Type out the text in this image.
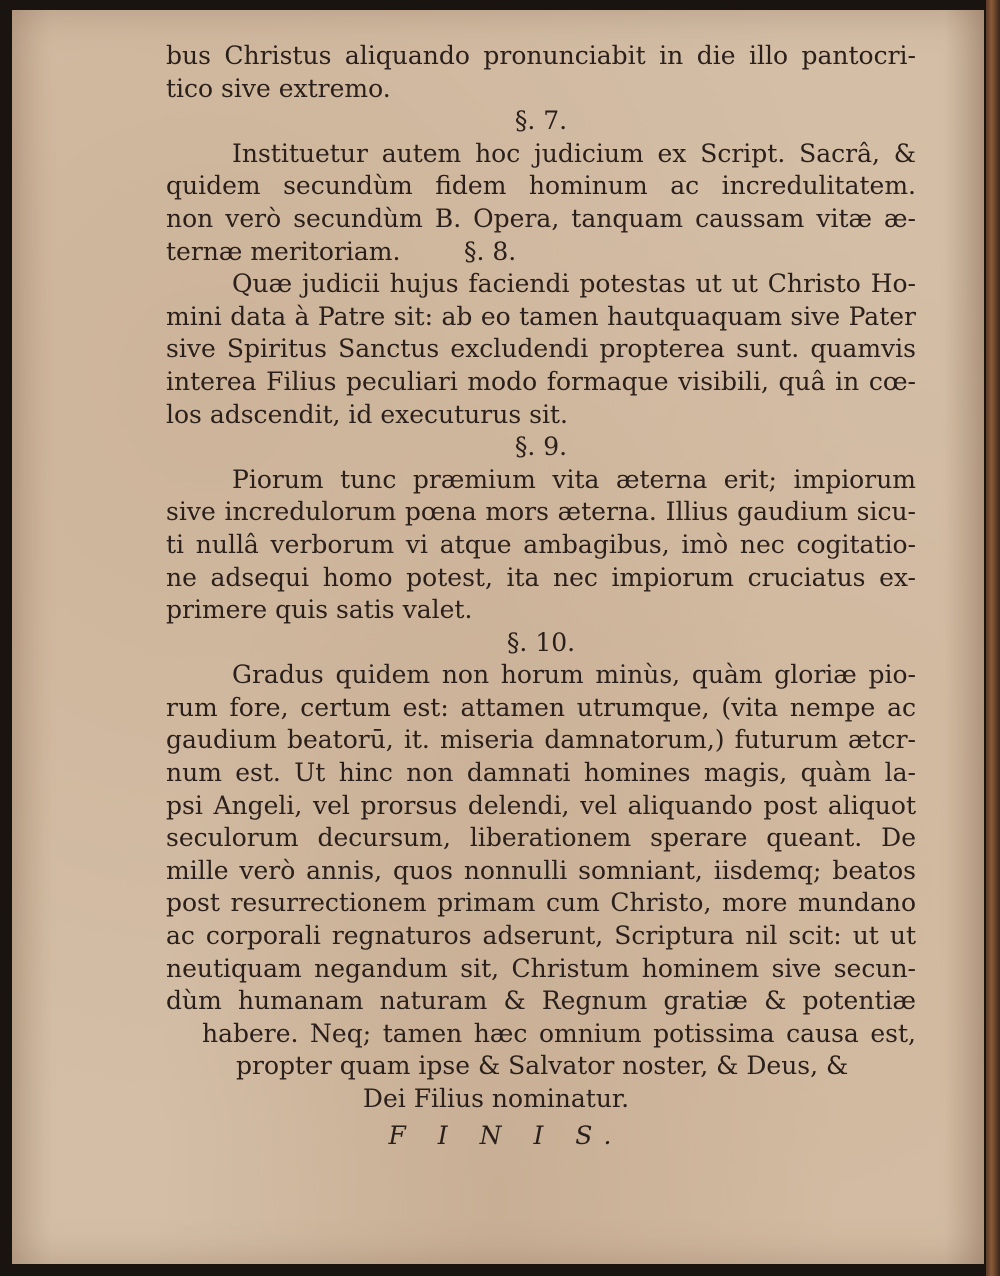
bus Christus aliquando pronunciabit in die illo pantocri-
tico sive extremo.
§. 7.
Instituetur autem hoc judicium ex Script. Sacrâ, &
quidem secundùm fidem hominum ac incredulitatem.
non verò secundùm B. Opera, tanquam caussam vitæ æ-
ternæ meritoriam.        §. 8.
Quæ judicii hujus faciendi potestas ut ut Christo Ho-
mini data à Patre sit: ab eo tamen hautquaquam sive Pater
sive Spiritus Sanctus excludendi propterea sunt. quamvis
interea Filius peculiari modo formaque visibili, quâ in cœ-
los adscendit, id executurus sit.
§. 9.
Piorum tunc præmium vita æterna erit; impiorum
sive incredulorum pœna mors æterna. Illius gaudium sicu-
ti nullâ verborum vi atque ambagibus, imò nec cogitatio-
ne adsequi homo potest, ita nec impiorum cruciatus ex-
primere quis satis valet.
§. 10.
Gradus quidem non horum minùs, quàm gloriæ pio-
rum fore, certum est: attamen utrumque, (vita nempe ac
gaudium beatorū, it. miseria damnatorum,) futurum ætcr-
num est. Ut hinc non damnati homines magis, quàm la-
psi Angeli, vel prorsus delendi, vel aliquando post aliquot
seculorum decursum, liberationem sperare queant. De
mille verò annis, quos nonnulli somniant, iisdemq; beatos
post resurrectionem primam cum Christo, more mundano
ac corporali regnaturos adserunt, Scriptura nil scit: ut ut
neutiquam negandum sit, Christum hominem sive secun-
dùm humanam naturam & Regnum gratiæ & potentiæ
habere. Neq; tamen hæc omnium potissima causa est,
propter quam ipse & Salvator noster, & Deus, &
Dei Filius nominatur.
F I N I S.
